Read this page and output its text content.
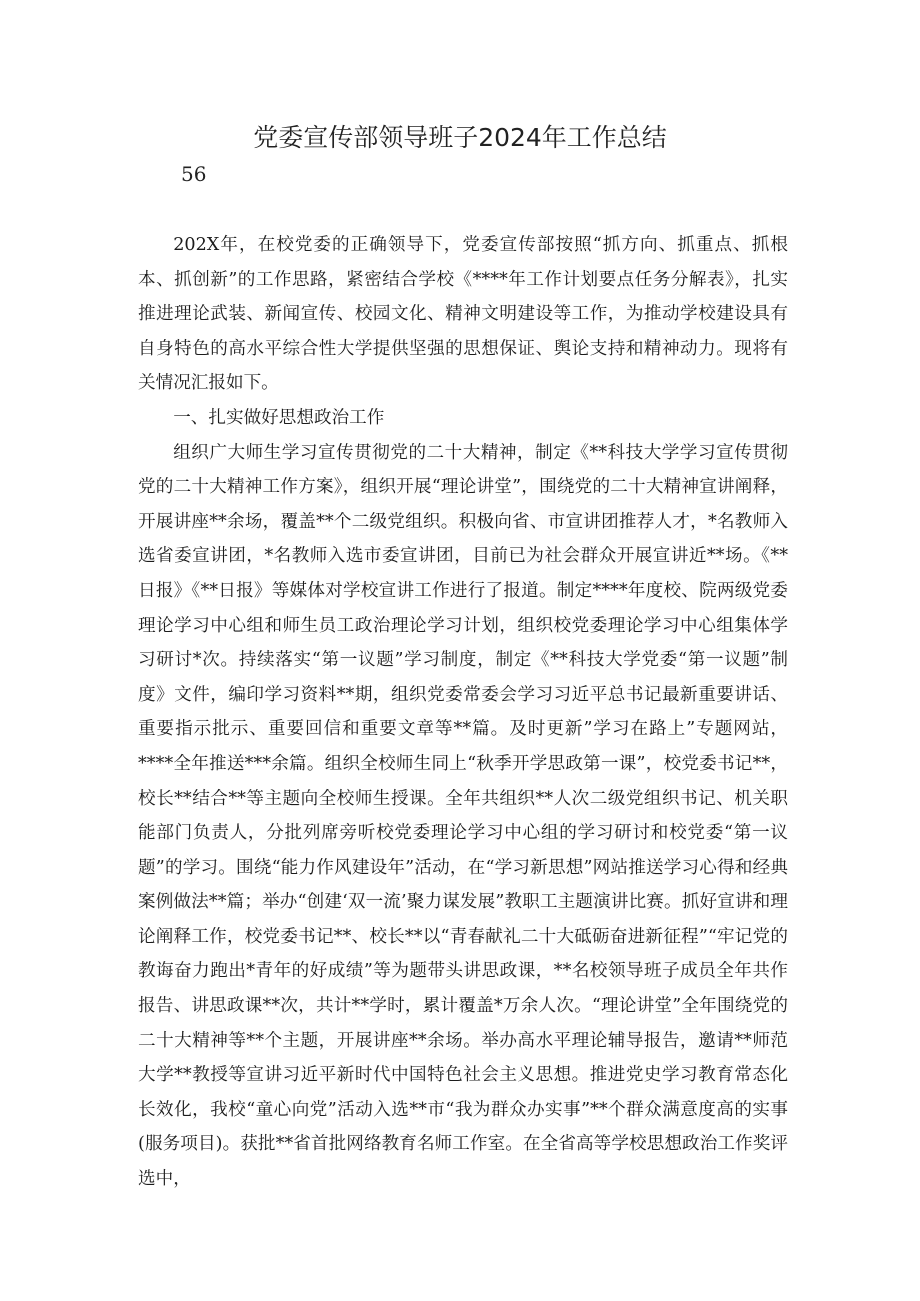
党委宣传部领导班子2024年工作总结
56

202X年，在校党委的正确领导下，党委宣传部按照“抓方向、抓重点、抓根本、抓创新”的工作思路，紧密结合学校《****年工作计划要点任务分解表》，扎实推进理论武装、新闻宣传、校园文化、精神文明建设等工作，为推动学校建设具有自身特色的高水平综合性大学提供坚强的思想保证、舆论支持和精神动力。现将有关情况汇报如下。

一、扎实做好思想政治工作

组织广大师生学习宣传贯彻党的二十大精神，制定《**科技大学学习宣传贯彻党的二十大精神工作方案》，组织开展“理论讲堂”，围绕党的二十大精神宣讲阐释，开展讲座**余场，覆盖**个二级党组织。积极向省、市宣讲团推荐人才，*名教师入选省委宣讲团，*名教师入选市委宣讲团，目前已为社会群众开展宣讲近**场。《**日报》《**日报》等媒体对学校宣讲工作进行了报道。制定****年度校、院两级党委理论学习中心组和师生员工政治理论学习计划，组织校党委理论学习中心组集体学习研讨*次。持续落实“第一议题”学习制度，制定《**科技大学党委“第一议题”制度》文件，编印学习资料**期，组织党委常委会学习习近平总书记最新重要讲话、重要指示批示、重要回信和重要文章等**篇。及时更新”学习在路上”专题网站，****全年推送***余篇。组织全校师生同上“秋季开学思政第一课”，校党委书记**，校长**结合**等主题向全校师生授课。全年共组织**人次二级党组织书记、机关职能部门负责人，分批列席旁听校党委理论学习中心组的学习研讨和校党委“第一议题”的学习。围绕“能力作风建设年”活动，在“学习新思想”网站推送学习心得和经典案例做法**篇；举办“创建‘双一流’聚力谋发展”教职工主题演讲比赛。抓好宣讲和理论阐释工作，校党委书记**、校长**以“青春献礼二十大砥砺奋进新征程”“牢记党的教诲奋力跑出*青年的好成绩”等为题带头讲思政课，**名校领导班子成员全年共作报告、讲思政课**次，共计**学时，累计覆盖*万余人次。“理论讲堂”全年围绕党的二十大精神等**个主题，开展讲座**余场。举办高水平理论辅导报告，邀请**师范大学**教授等宣讲习近平新时代中国特色社会主义思想。推进党史学习教育常态化长效化，我校“童心向党”活动入选**市“我为群众办实事”**个群众满意度高的实事(服务项目)。获批**省首批网络教育名师工作室。在全省高等学校思想政治工作奖评选中，
